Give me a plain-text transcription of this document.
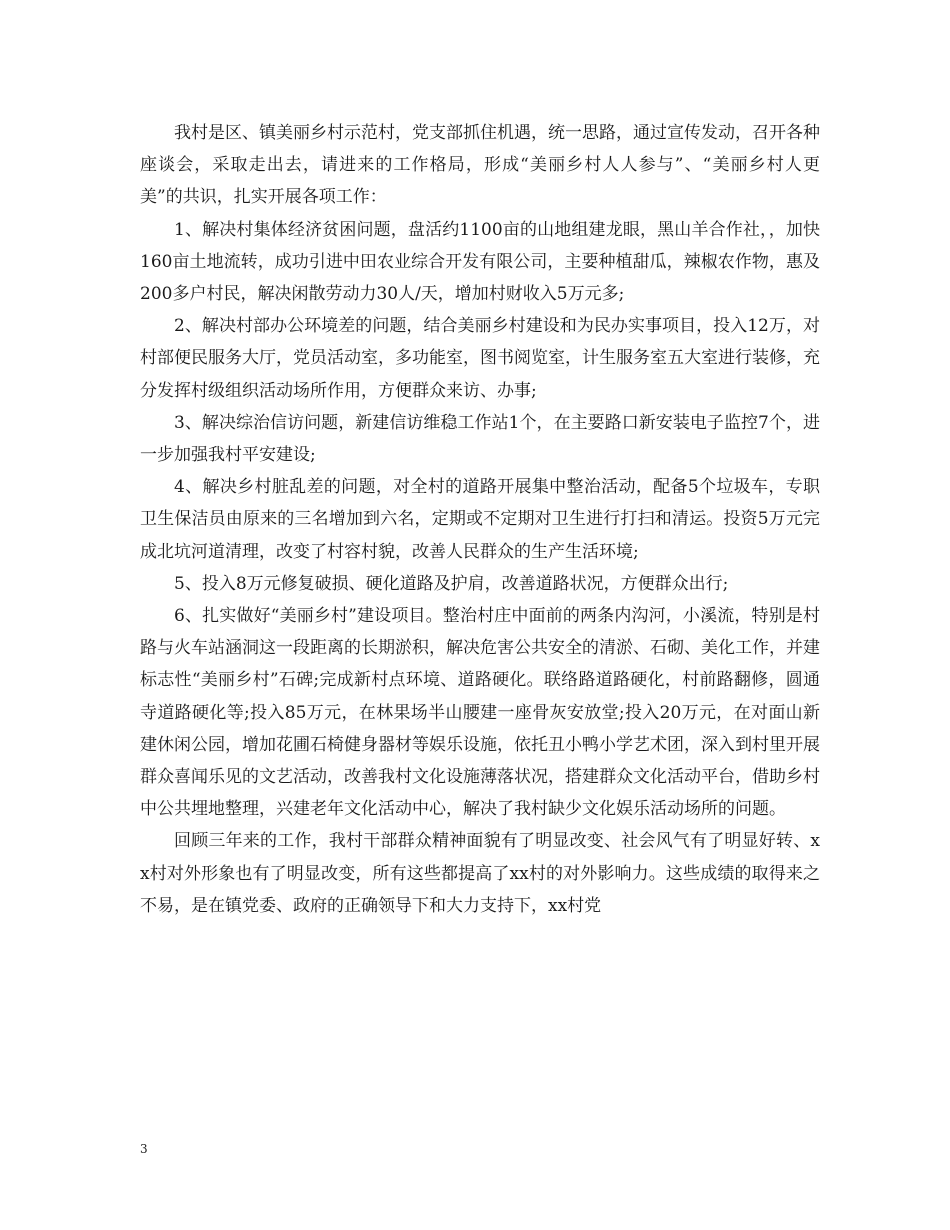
我村是区、镇美丽乡村示范村，党支部抓住机遇，统一思路，通过宣传发动，召开各种座谈会，采取走出去，请进来的工作格局，形成“美丽乡村人人参与”、“美丽乡村人更美”的共识，扎实开展各项工作：

1、解决村集体经济贫困问题，盘活约1100亩的山地组建龙眼，黑山羊合作社，，加快160亩土地流转，成功引进中田农业综合开发有限公司，主要种植甜瓜，辣椒农作物，惠及200多户村民，解决闲散劳动力30人/天，增加村财收入5万元多;

2、解决村部办公环境差的问题，结合美丽乡村建设和为民办实事项目，投入12万，对村部便民服务大厅，党员活动室，多功能室，图书阅览室，计生服务室五大室进行装修，充分发挥村级组织活动场所作用，方便群众来访、办事;

3、解决综治信访问题，新建信访维稳工作站1个，在主要路口新安装电子监控7个，进一步加强我村平安建设;

4、解决乡村脏乱差的问题，对全村的道路开展集中整治活动，配备5个垃圾车，专职卫生保洁员由原来的三名增加到六名，定期或不定期对卫生进行打扫和清运。投资5万元完成北坑河道清理，改变了村容村貌，改善人民群众的生产生活环境;

5、投入8万元修复破损、硬化道路及护肩，改善道路状况，方便群众出行;

6、扎实做好“美丽乡村”建设项目。整治村庄中面前的两条内沟河，小溪流，特别是村路与火车站涵洞这一段距离的长期淤积，解决危害公共安全的清淤、石砌、美化工作，并建标志性“美丽乡村”石碑;完成新村点环境、道路硬化。联络路道路硬化，村前路翻修，圆通寺道路硬化等;投入85万元，在林果场半山腰建一座骨灰安放堂;投入20万元，在对面山新建休闲公园，增加花圃石椅健身器材等娱乐设施，依托丑小鸭小学艺术团，深入到村里开展群众喜闻乐见的文艺活动，改善我村文化设施薄落状况，搭建群众文化活动平台，借助乡村中公共埋地整理，兴建老年文化活动中心，解决了我村缺少文化娱乐活动场所的问题。

回顾三年来的工作，我村干部群众精神面貌有了明显改变、社会风气有了明显好转、xx村对外形象也有了明显改变，所有这些都提高了xx村的对外影响力。这些成绩的取得来之不易，是在镇党委、政府的正确领导下和大力支持下，xx村党

3
